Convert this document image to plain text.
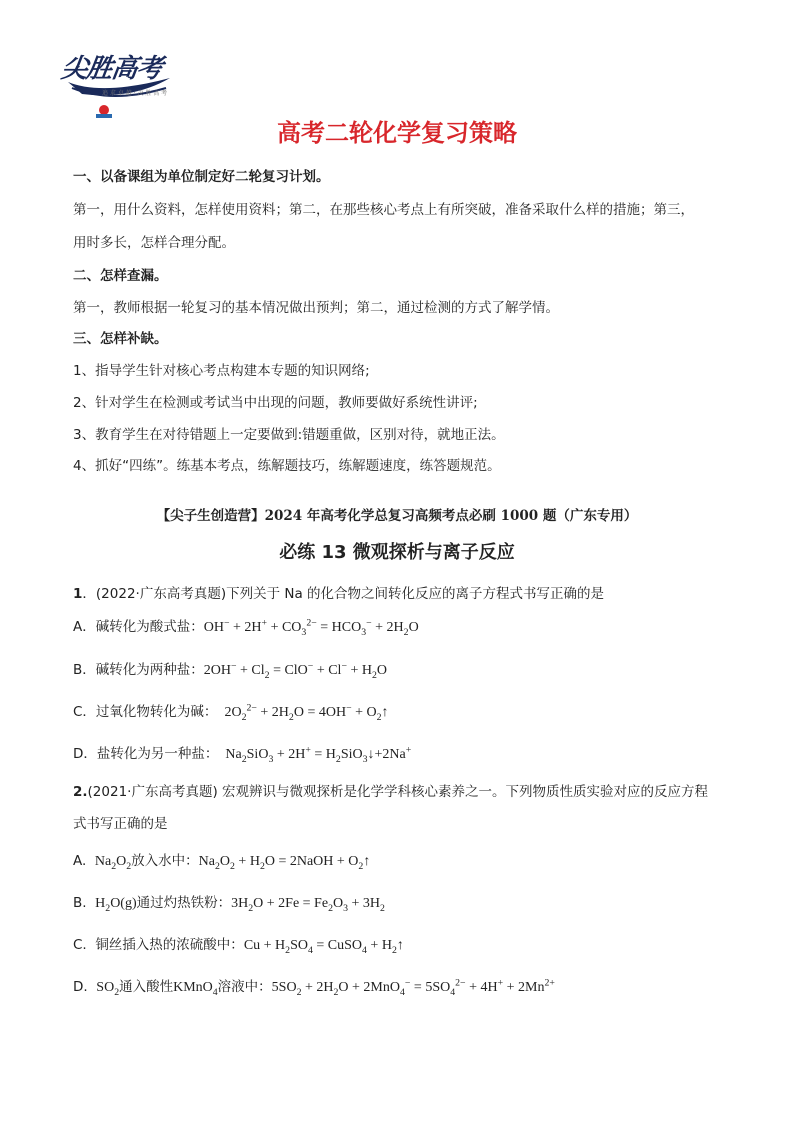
尖胜高考
追 求 卓 越 · 决 胜 高 考
高考二轮化学复习策略
一、以备课组为单位制定好二轮复习计划。
第一，用什么资料，怎样使用资料；第二，在那些核心考点上有所突破，准备采取什么样的措施；第三，
用时多长，怎样合理分配。
二、怎样查漏。
第一，教师根据一轮复习的基本情况做出预判；第二，通过检测的方式了解学情。
三、怎样补缺。
1、指导学生针对核心考点构建本专题的知识网络;
2、针对学生在检测或考试当中出现的问题，教师要做好系统性讲评;
3、教育学生在对待错题上一定要做到:错题重做，区别对待，就地正法。
4、抓好“四练”。练基本考点，练解题技巧，练解题速度，练答题规范。
【尖子生创造营】2024 年高考化学总复习高频考点必刷 1000 题（广东专用）
必练 13 微观探析与离子反应
1．(2022·广东高考真题)下列关于 Na 的化合物之间转化反应的离子方程式书写正确的是
A．碱转化为酸式盐：$OH^- + 2H^+ + CO_3^{2-} = HCO_3^- + 2H_2O$
B．碱转化为两种盐：$2OH^- + Cl_2 = ClO^- + Cl^- + H_2O$
C．过氧化物转化为碱：  $2O_2^{2-} + 2H_2O = 4OH^-$ + $O_2↑$
D．盐转化为另一种盐：  $Na_2SiO_3 + 2H^+$ = $H_2SiO_3↓+2Na^+$
2.(2021·广东高考真题) 宏观辨识与微观探析是化学学科核心素养之一。下列物质性质实验对应的反应方程
式书写正确的是
A. $Na_2O_2$放入水中：$Na_2O_2 + H_2O$ = 2NaOH + $O_2↑$
B. $H_2O(g)$通过灼热铁粉：$3H_2O + 2Fe = Fe_2O_3 + 3H_2$
C. 铜丝插入热的浓硫酸中：$Cu + H_2SO_4$ = CuSO$_4$ + $H_2↑$
D. $SO_2$通入酸性KMnO$_4$溶液中：$5SO_2 + 2H_2O + 2MnO_4^- = 5SO_4^{2-} + 4H^+ + 2Mn^{2+}$
